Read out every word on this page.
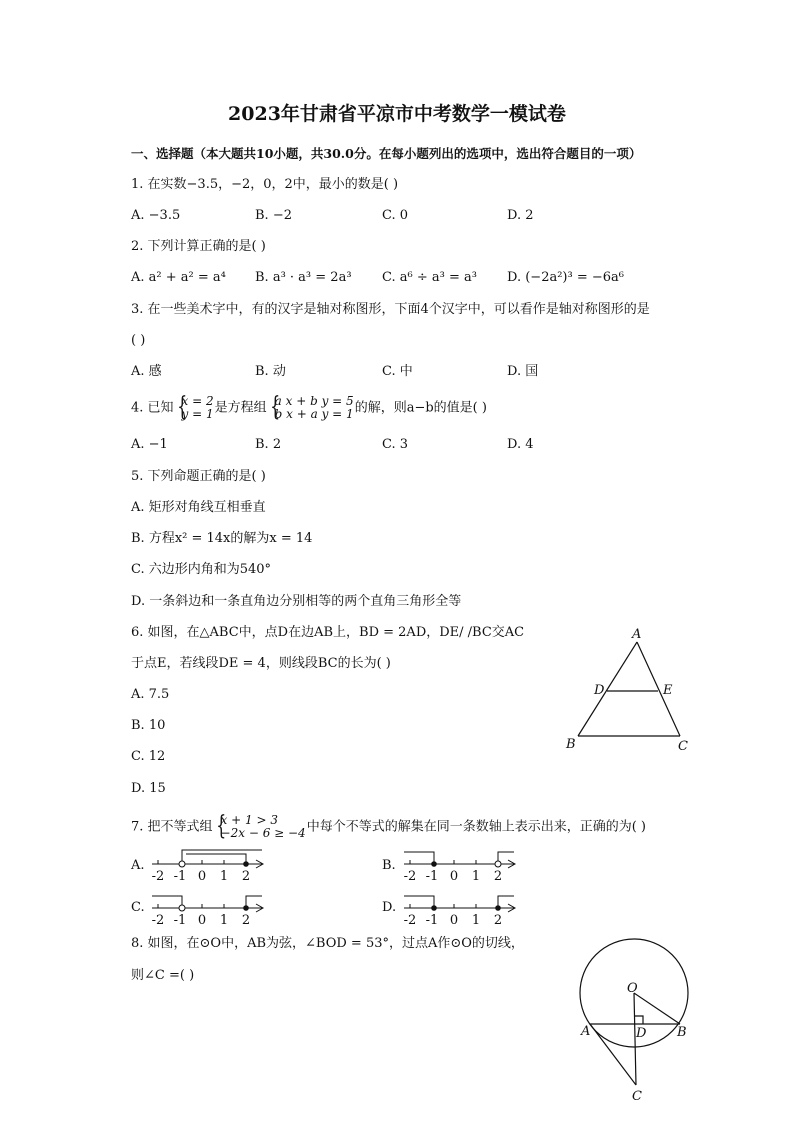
2023年甘肃省平凉市中考数学一模试卷
一、选择题（本大题共10小题，共30.0分。在每小题列出的选项中，选出符合题目的一项）
1. 在实数−3.5，−2，0，2中，最小的数是( )
A. −3.5	B. −2	C. 0	D. 2
2. 下列计算正确的是( )
A. a² + a² = a⁴ B. a³ · a³ = 2a³ C. a⁶ ÷ a³ = a³ D. (−2a²)³ = −6a⁶
3. 在一些美术字中，有的汉字是轴对称图形，下面4个汉字中，可以看作是轴对称图形的是
( )
A. 感	B. 动	C. 中	D. 国
4. 已知 { x = 2
y = 1 是方程组 { a x + b y = 5
b x + a y = 1 的解，则a−b的值是( )
A. −1	B. 2	C. 3	D. 4
5. 下列命题正确的是( )
A. 矩形对角线互相垂直
B. 方程x² = 14x的解为x = 14
C. 六边形内角和为540°
D. 一条斜边和一条直角边分别相等的两个直角三角形全等
6. 如图，在△ABC中，点D在边AB上，BD = 2AD，DE/ /BC交AC
于点E，若线段DE = 4，则线段BC的长为( )
A. 7.5
B. 10
C. 12
D. 15
A
B	C
D	E
7. 把不等式组 { x + 1 > 3
−2x − 6 ≥ −4 中每个不等式的解集在同一条数轴上表示出来，正确的为( )
A.	B.
C.	D.
-2 -1 0 1 2	-2 -1 0 1 2
-2 -1 0 1 2	-2 -1 0 1 2
8. 如图，在⊙O中，AB为弦，∠BOD = 53°，过点A作⊙O的切线，
则∠C =( )
O
A	B
D
C
